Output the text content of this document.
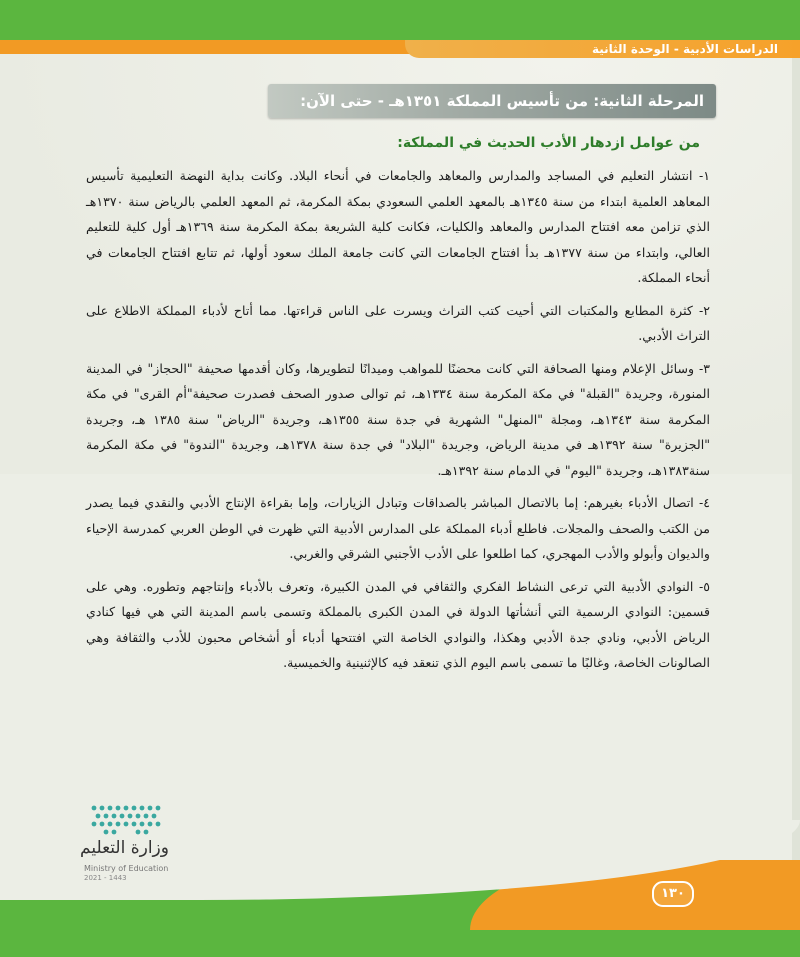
الدراسات الأدبية - الوحدة الثانية
المرحلة الثانية: من تأسيس المملكة ١٣٥١هـ - حتى الآن:
من عوامل ازدهار الأدب الحديث في المملكة:

١- انتشار التعليم في المساجد والمدارس والمعاهد والجامعات في أنحاء البلاد. وكانت بداية النهضة التعليمية تأسيس المعاهد العلمية ابتداء من سنة ١٣٤٥هـ بالمعهد العلمي السعودي بمكة المكرمة، ثم المعهد العلمي بالرياض سنة ١٣٧٠هـ الذي تزامن معه افتتاح المدارس والمعاهد والكليات، فكانت كلية الشريعة بمكة المكرمة سنة ١٣٦٩هـ أول كلية للتعليم العالي، وابتداء من سنة ١٣٧٧هـ بدأ افتتاح الجامعات التي كانت جامعة الملك سعود أولها، ثم تتابع افتتاح الجامعات في أنحاء المملكة.

٢- كثرة المطابع والمكتبات التي أحيت كتب التراث ويسرت على الناس قراءتها. مما أتاح لأدباء المملكة الاطلاع على التراث الأدبي.

٣- وسائل الإعلام ومنها الصحافة التي كانت محضنًا للمواهب وميدانًا لتطويرها، وكان أقدمها صحيفة "الحجاز" في المدينة المنورة، وجريدة "القبلة" في مكة المكرمة سنة ١٣٣٤هـ، ثم توالى صدور الصحف فصدرت صحيفة"أم القرى" في مكة المكرمة سنة ١٣٤٣هـ، ومجلة "المنهل" الشهرية في جدة سنة ١٣٥٥هـ، وجريدة "الرياض" سنة ١٣٨٥ هـ، وجريدة "الجزيرة" سنة ١٣٩٢هـ في مدينة الرياض، وجريدة "البلاد" في جدة سنة ١٣٧٨هـ، وجريدة "الندوة" في مكة المكرمة سنة١٣٨٣هـ، وجريدة "اليوم" في الدمام سنة ١٣٩٢هـ.

٤- اتصال الأدباء بغيرهم: إما بالاتصال المباشر بالصداقات وتبادل الزيارات، وإما بقراءة الإنتاج الأدبي والنقدي فيما يصدر من الكتب والصحف والمجلات. فاطلع أدباء المملكة على المدارس الأدبية التي ظهرت في الوطن العربي كمدرسة الإحياء والديوان وأبولو والأدب المهجري، كما اطلعوا على الأدب الأجنبي الشرقي والغربي.

٥- النوادي الأدبية التي ترعى النشاط الفكري والثقافي في المدن الكبيرة، وتعرف بالأدباء وإنتاجهم وتطوره. وهي على قسمين: النوادي الرسمية التي أنشأتها الدولة في المدن الكبرى بالمملكة وتسمى باسم المدينة التي هي فيها كنادي الرياض الأدبي، ونادي جدة الأدبي وهكذا، والنوادي الخاصة التي افتتحها أدباء أو أشخاص محبون للأدب والثقافة وهي الصالونات الخاصة، وغالبًا ما تسمى باسم اليوم الذي تنعقد فيه كالإثنينية والخميسية.

وزارة التعليم
Ministry of Education
2021 - 1443
١٣٠
